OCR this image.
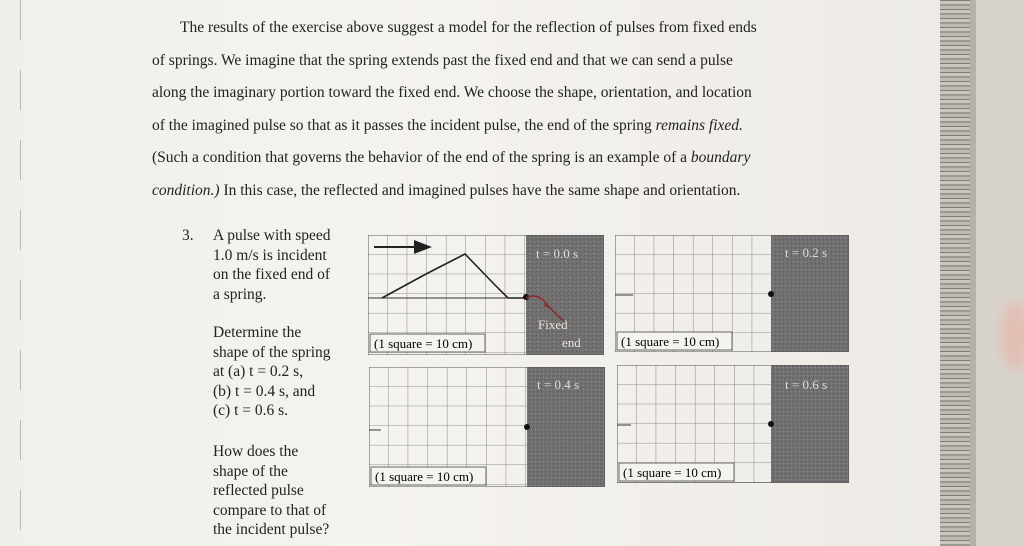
The results of the exercise above suggest a model for the reflection of pulses from fixed ends

of springs. We imagine that the spring extends past the fixed end and that we can send a pulse

along the imaginary portion toward the fixed end. We choose the shape, orientation, and location

of the imagined pulse so that as it passes the incident pulse, the end of the spring remains fixed.

(Such a condition that governs the behavior of the end of the spring is an example of a boundary

condition.) In this case, the reflected and imagined pulses have the same shape and orientation.

3. A pulse with speed
1.0 m/s is incident
on the fixed end of
a spring.
Determine the
shape of the spring
at (a) t = 0.2 s,
(b) t = 0.4 s, and
(c) t = 0.6 s.
How does the
shape of the
reflected pulse
compare to that of
the incident pulse?
(1 square = 10 cm)
t = 0.0 s
Fixed
end	(1 square = 10 cm)
t = 0.2 s
(1 square = 10 cm)
t = 0.4 s
(1 square = 10 cm)
t = 0.6 s
